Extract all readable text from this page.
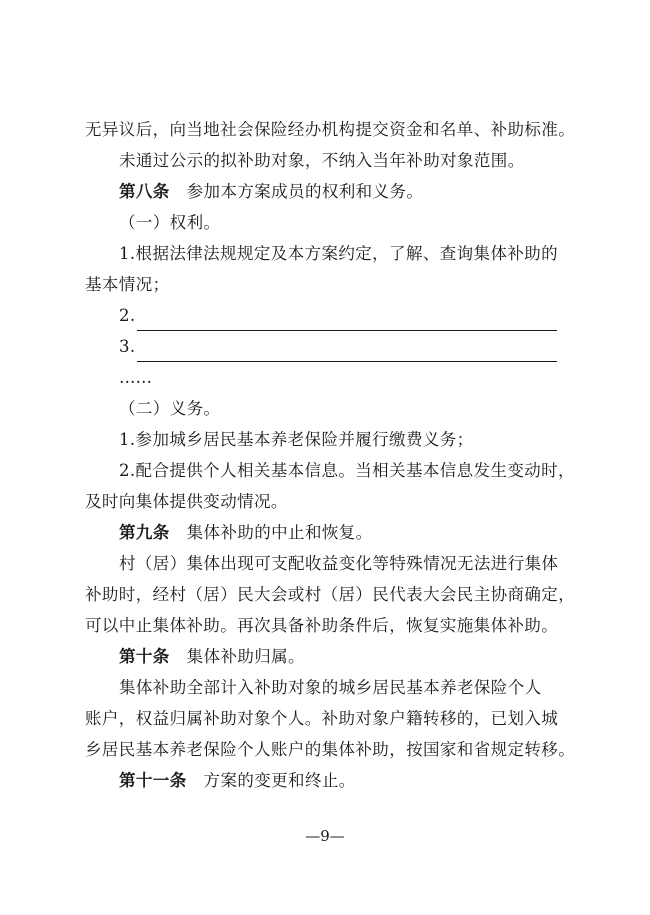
无异议后，向当地社会保险经办机构提交资金和名单、补助标准。
未通过公示的拟补助对象，不纳入当年补助对象范围。
第八条 参加本方案成员的权利和义务。
（一）权利。
1.根据法律法规规定及本方案约定，了解、查询集体补助的
基本情况；
2.
3.
……
（二）义务。
1.参加城乡居民基本养老保险并履行缴费义务；
2.配合提供个人相关基本信息。当相关基本信息发生变动时，
及时向集体提供变动情况。
第九条 集体补助的中止和恢复。
村（居）集体出现可支配收益变化等特殊情况无法进行集体
补助时，经村（居）民大会或村（居）民代表大会民主协商确定，
可以中止集体补助。再次具备补助条件后，恢复实施集体补助。
第十条 集体补助归属。
集体补助全部计入补助对象的城乡居民基本养老保险个人
账户，权益归属补助对象个人。补助对象户籍转移的，已划入城
乡居民基本养老保险个人账户的集体补助，按国家和省规定转移。
第十一条 方案的变更和终止。
—9—
